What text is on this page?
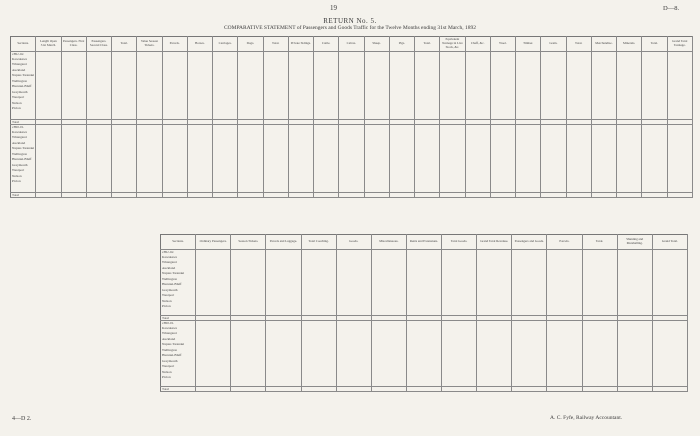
19	D—8.
RETURN No. 5.
COMPARATIVE STATEMENT of Passengers and Goods Traffic for the Twelve Months ending 31st March, 1892
Sections.	Length Open 31st March.	Passengers. First Class.	Passengers. Second Class.	Total.	Value Season Tickets.	Parcels.	Horses.	Carriages.	Dogs.	Total.	Private Sidings.	Cattle.	Calves.	Sheep.	Pigs.	Total.	Equivalent Tonnage in Live Stock, &c.	Chaff, &c.	Wool.	Timber.	Grain.	Total.	Merchandise.	Minerals.	Total.	Grand Total Tonnage.
1891-92.																										
Kawakawa																										
Whangarei																										
Auckland																										
Napier-Taranaki																										
Wellington																										
Hurunui-Bluff																										
Greymouth																										
Westport																										
Nelson																										
Picton																										

Total																										
1890-91.																										
Kawakawa																										
Whangarei																										
Auckland																										
Napier-Taranaki																										
Wellington																										
Hurunui-Bluff																										
Greymouth																										
Westport																										
Nelson																										
Picton																										

Total																										
Sections.	Ordinary Passengers.	Season Tickets.	Parcels and Luggage.	Total Coaching.	Goods.	Miscellaneous.	Rents and Extensions.	Total Goods.	Grand Total Revenue.	Passengers and Goods.	Parcels.	Total.	Shunting and Marshalling.	Grand Total.
1891-92.														
Kawakawa														
Whangarei														
Auckland														
Napier-Taranaki														
Wellington														
Hurunui-Bluff														
Greymouth														
Westport														
Nelson														
Picton														

Total														
1890-91.														
Kawakawa														
Whangarei														
Auckland														
Napier-Taranaki														
Wellington														
Hurunui-Bluff														
Greymouth														
Westport														
Nelson														
Picton														

Total														
A. C. Fyfe, Railway Accountant.
4—D 2.
